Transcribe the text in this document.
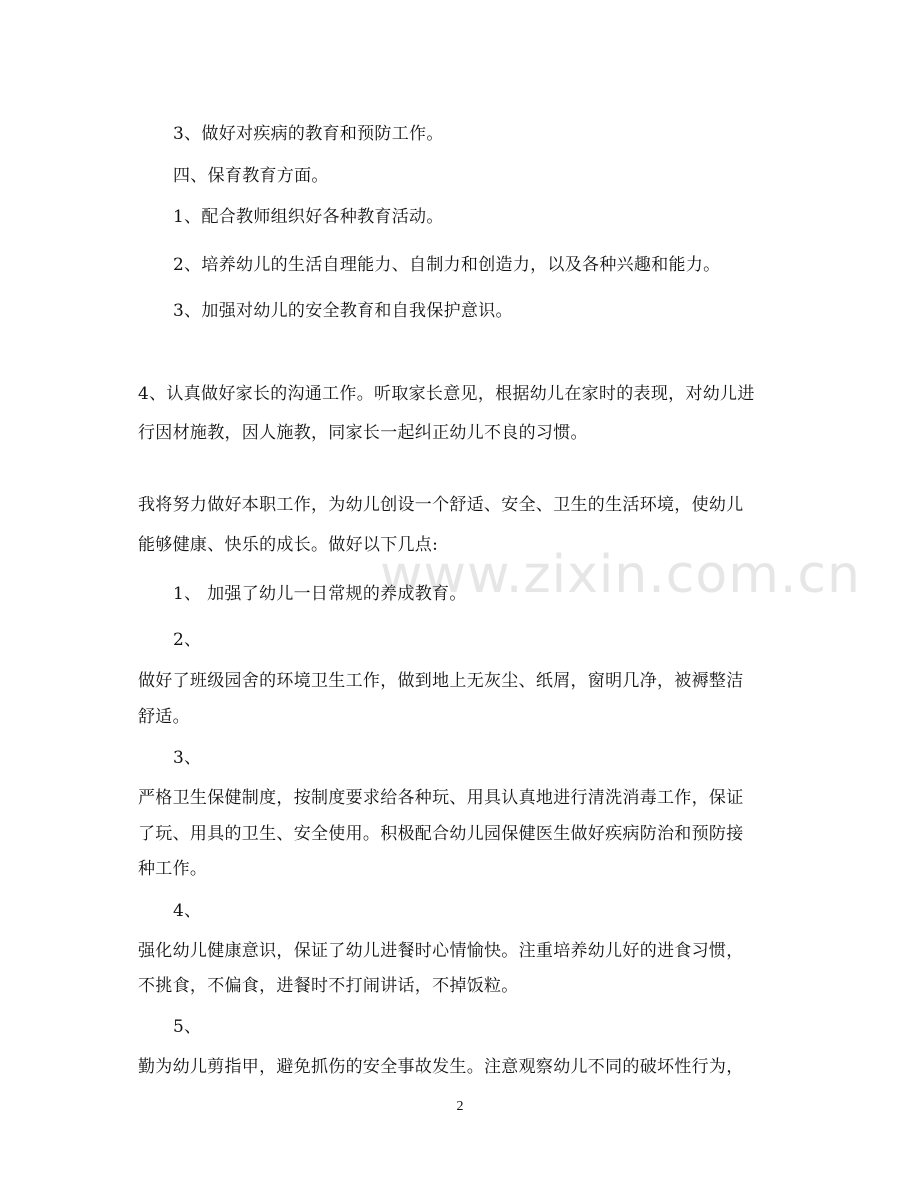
www.zixin.com.cn
3、做好对疾病的教育和预防工作。
四、保育教育方面。
1、配合教师组织好各种教育活动。
2、培养幼儿的生活自理能力、自制力和创造力，以及各种兴趣和能力。
3、加强对幼儿的安全教育和自我保护意识。
4、认真做好家长的沟通工作。听取家长意见，根据幼儿在家时的表现，对幼儿进
行因材施教，因人施教，同家长一起纠正幼儿不良的习惯。
我将努力做好本职工作，为幼儿创设一个舒适、安全、卫生的生活环境，使幼儿
能够健康、快乐的成长。做好以下几点:
1、 加强了幼儿一日常规的养成教育。
2、
做好了班级园舍的环境卫生工作，做到地上无灰尘、纸屑，窗明几净，被褥整洁
舒适。
3、
严格卫生保健制度，按制度要求给各种玩、用具认真地进行清洗消毒工作，保证
了玩、用具的卫生、安全使用。积极配合幼儿园保健医生做好疾病防治和预防接
种工作。
4、
强化幼儿健康意识，保证了幼儿进餐时心情愉快。注重培养幼儿好的进食习惯，
不挑食，不偏食，进餐时不打闹讲话，不掉饭粒。
5、
勤为幼儿剪指甲，避免抓伤的安全事故发生。注意观察幼儿不同的破坏性行为，
2
